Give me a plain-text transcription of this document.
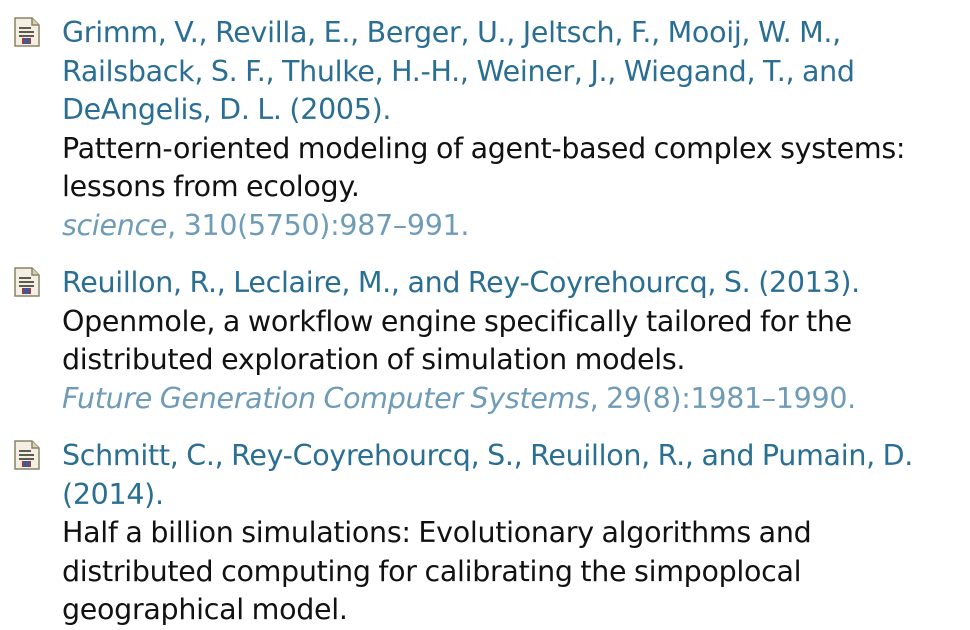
Grimm, V., Revilla, E., Berger, U., Jeltsch, F., Mooij, W. M., Railsback, S. F., Thulke, H.-H., Weiner, J., Wiegand, T., and DeAngelis, D. L. (2005).
Pattern-oriented modeling of agent-based complex systems: lessons from ecology.
science, 310(5750):987–991.
Reuillon, R., Leclaire, M., and Rey-Coyrehourcq, S. (2013).
Openmole, a workflow engine specifically tailored for the distributed exploration of simulation models.
Future Generation Computer Systems, 29(8):1981–1990.
Schmitt, C., Rey-Coyrehourcq, S., Reuillon, R., and Pumain, D. (2014).
Half a billion simulations: Evolutionary algorithms and distributed computing for calibrating the simpoplocal geographical model.
